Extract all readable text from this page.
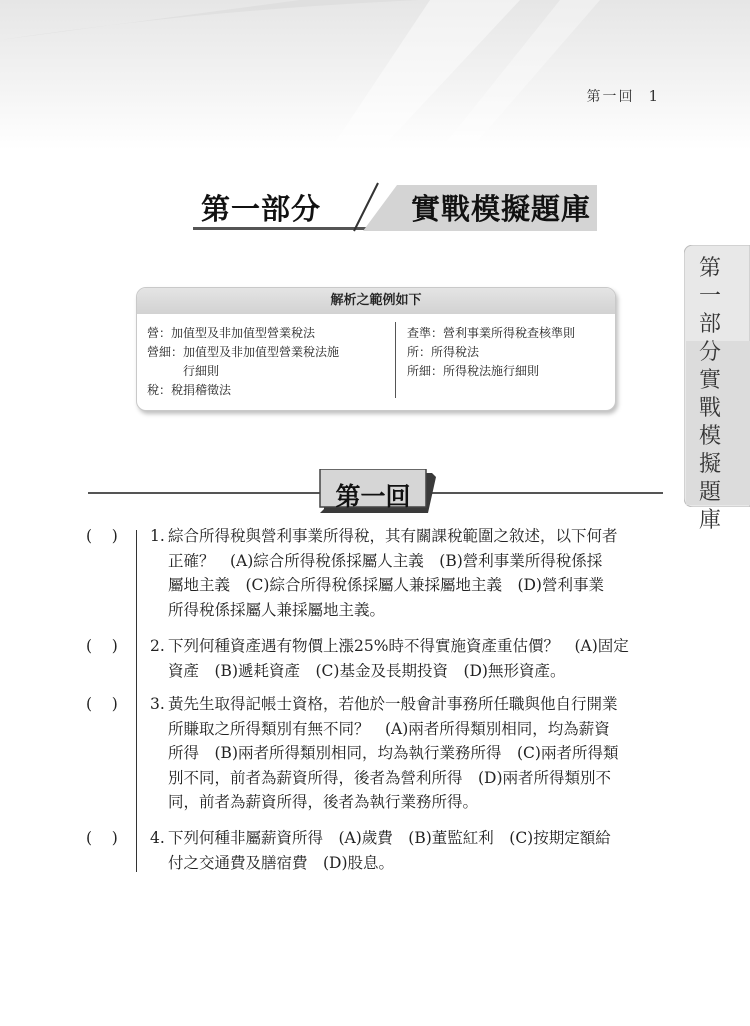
第一回 1
第一部分	實戰模擬題庫
第一部分實戰模擬題庫
解析之範例如下
營：加值型及非加值型營業稅法
營細：加值型及非加值型營業稅法施
行細則
稅：稅捐稽徵法
查準：營利事業所得稅查核準則
所：所得稅法
所細：所得稅法施行細則
第一回
(    )	1. 綜合所得稅與營利事業所得稅，其有關課稅範圍之敘述，以下何者
正確？　(A)綜合所得稅係採屬人主義　(B)營利事業所得稅係採
屬地主義　(C)綜合所得稅係採屬人兼採屬地主義　(D)營利事業
所得稅係採屬人兼採屬地主義。
(    )	2. 下列何種資產遇有物價上漲25%時不得實施資產重估價？　(A)固定
資產　(B)遞耗資產　(C)基金及長期投資　(D)無形資產。
(    )	3. 黃先生取得記帳士資格，若他於一般會計事務所任職與他自行開業
所賺取之所得類別有無不同？　(A)兩者所得類別相同，均為薪資
所得　(B)兩者所得類別相同，均為執行業務所得　(C)兩者所得類
別不同，前者為薪資所得，後者為營利所得　(D)兩者所得類別不
同，前者為薪資所得，後者為執行業務所得。
(    )	4. 下列何種非屬薪資所得　(A)歲費　(B)董監紅利　(C)按期定額給
付之交通費及膳宿費　(D)股息。
